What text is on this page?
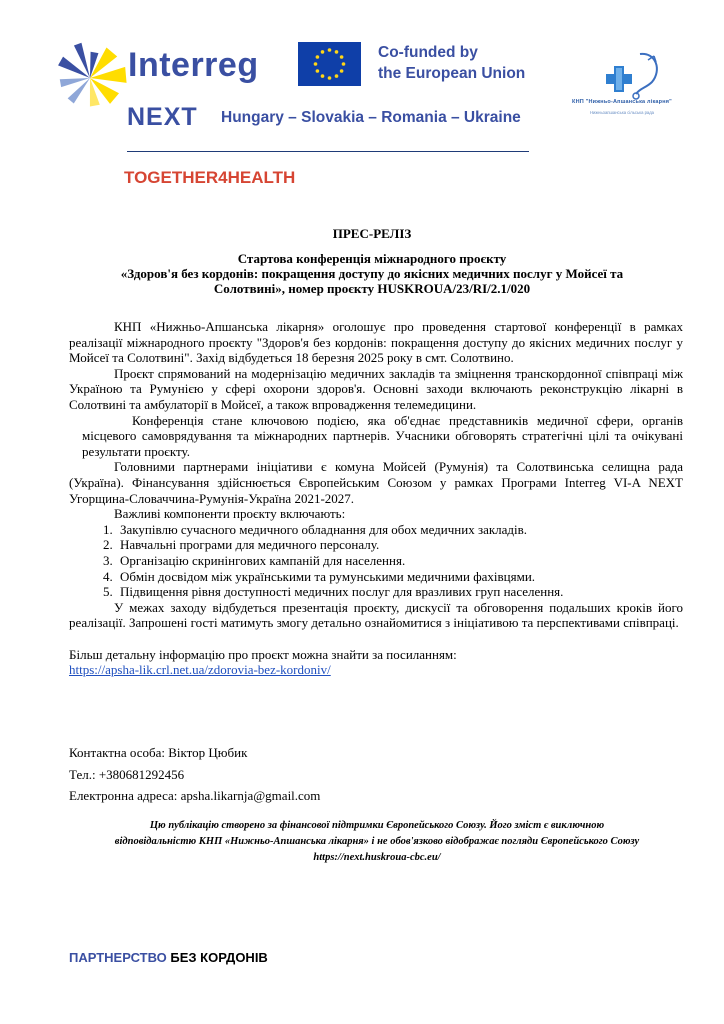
Interreg	Co-funded by
the European Union
NEXT Hungary – Slovakia – Romania – Ukraine
КНП "Нижньо-Апшанська лікарня"
Нижньоапшанська сільська рада
TOGETHER4HEALTH
ПРЕС-РЕЛІЗ
Стартова конференція міжнародного проєкту
«Здоров'я без кордонів: покращення доступу до якісних медичних послуг у Мойсеї та
Солотвині», номер проєкту HUSKROUA/23/RI/2.1/020

КНП «Нижньо-Апшанська лікарня» оголошує про проведення стартової конференції в рамках реалізації міжнародного проєкту "Здоров'я без кордонів: покращення доступу до якісних медичних послуг у Мойсеї та Солотвині". Захід відбудеться 18 березня 2025 року в смт. Солотвино.

Проєкт спрямований на модернізацію медичних закладів та зміцнення транскордонної співпраці між Україною та Румунією у сфері охорони здоров'я. Основні заходи включають реконструкцію лікарні в Солотвині та амбулаторії в Мойсеї, а також впровадження телемедицини.

Конференція стане ключовою подією, яка об'єднає представників медичної сфери, органів місцевого самоврядування та міжнародних партнерів. Учасники обговорять стратегічні цілі та очікувані результати проєкту.

Головними партнерами ініціативи є комуна Мойсей (Румунія) та Солотвинська селищна рада (Україна). Фінансування здійснюється Європейським Союзом у рамках Програми Interreg VI-A NEXT Угорщина-Словаччина-Румунія-Україна 2021-2027.

Важливі компоненти проєкту включають:

1. Закупівлю сучасного медичного обладнання для обох медичних закладів.
2. Навчальні програми для медичного персоналу.
3. Організацію скринінгових кампаній для населення.
4. Обмін досвідом між українськими та румунськими медичними фахівцями.
5. Підвищення рівня доступності медичних послуг для вразливих груп населення.

У межах заходу відбудеться презентація проєкту, дискусії та обговорення подальших кроків його реалізації. Запрошені гості матимуть змогу детально ознайомитися з ініціативою та перспективами співпраці.

Більш детальну інформацію про проєкт можна знайти за посиланням:

https://apsha-lik.crl.net.ua/zdorovia-bez-kordoniv/
Контактна особа: Віктор Цюбик
Тел.: +380681292456
Електронна адреса: apsha.likarnja@gmail.com
Цю публікацію створено за фінансової підтримки Європейського Союзу. Його зміст є виключною
відповідальністю КНП «Нижньо-Апшанська лікарня» і не обов'язково відображає погляди Європейського Союзу
https://next.huskroua-cbc.eu/
ПАРТНЕРСТВО БЕЗ КОРДОНІВ
